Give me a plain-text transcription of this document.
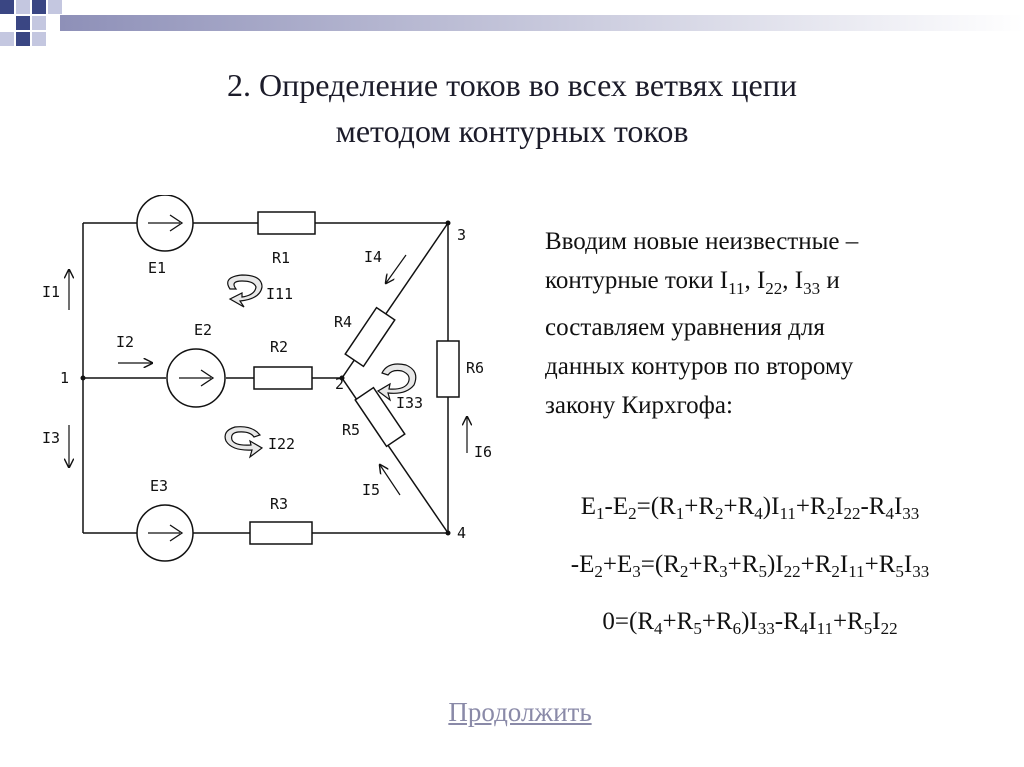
2. Определение токов во всех ветвях цепи
методом контурных токов
E1
R1
I11
I1
I2
E2
R2
1	2
3
4
I4
R4
R6
I33
R5
I22
I3
I6
E3	I5
R3
Вводим новые неизвестные –
контурные токи $I_{11}$, $I_{22}$, $I_{33}$ и
составляем уравнения для
данных контуров по второму
закону Кирхгофа:
$E_1-E_2=(R_1+R_2+R_4)I_{11}+R_2I_{22}-R_4I_{33}$
$-E_2+E_3=(R_2+R_3+R_5)I_{22}+R_2I_{11}+R_5I_{33}$
$0=(R_4+R_5+R_6)I_{33}-R_4I_{11}+R_5I_{22}$
Продолжить
